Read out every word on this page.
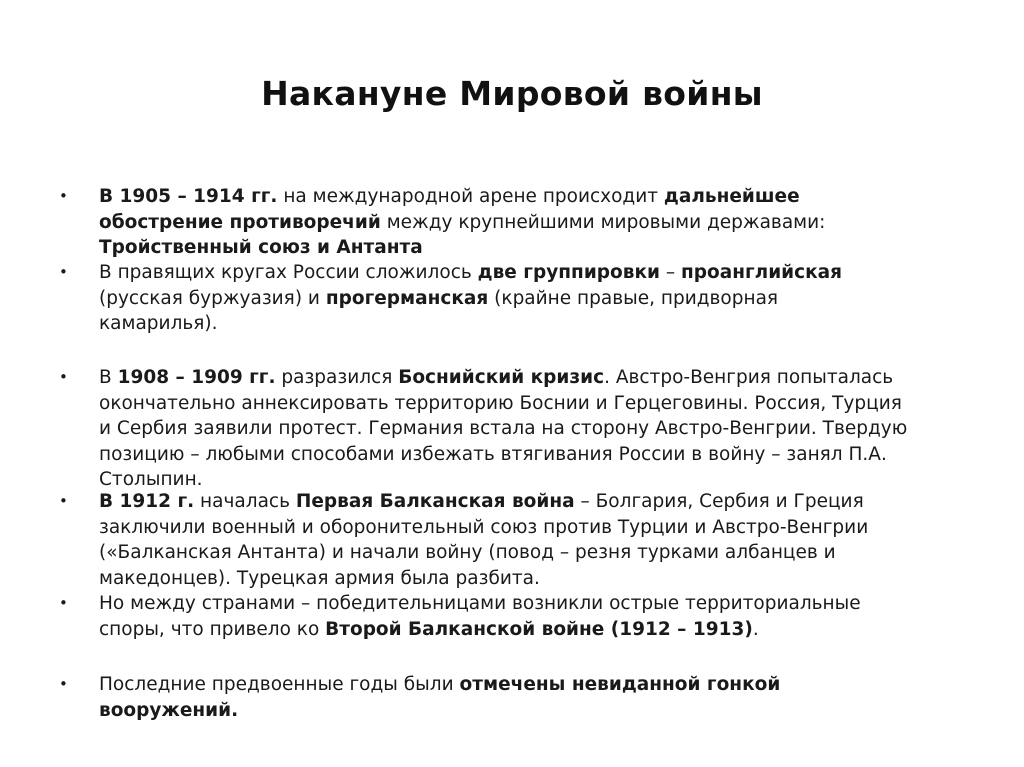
Накануне Мировой войны
• В 1905 – 1914 гг. на международной арене происходит дальнейшее
обострение противоречий между крупнейшими мировыми державами:
Тройственный союз и Антанта
• В правящих кругах России сложилось две группировки – проанглийская
(русская буржуазия) и прогерманская (крайне правые, придворная
камарилья).
• В 1908 – 1909 гг. разразился Боснийский кризис. Австро-Венгрия попыталась
окончательно аннексировать территорию Боснии и Герцеговины. Россия, Турция
и Сербия заявили протест. Германия встала на сторону Австро-Венгрии. Твердую
позицию – любыми способами избежать втягивания России в войну – занял П.А.
Столыпин.
• В 1912 г. началась Первая Балканская война – Болгария, Сербия и Греция
заключили военный и оборонительный союз против Турции и Австро-Венгрии
(«Балканская Антанта) и начали войну (повод – резня турками албанцев и
македонцев). Турецкая армия была разбита.
• Но между странами – победительницами возникли острые территориальные
споры, что привело ко Второй Балканской войне (1912 – 1913).
• Последние предвоенные годы были отмечены невиданной гонкой
вооружений.
